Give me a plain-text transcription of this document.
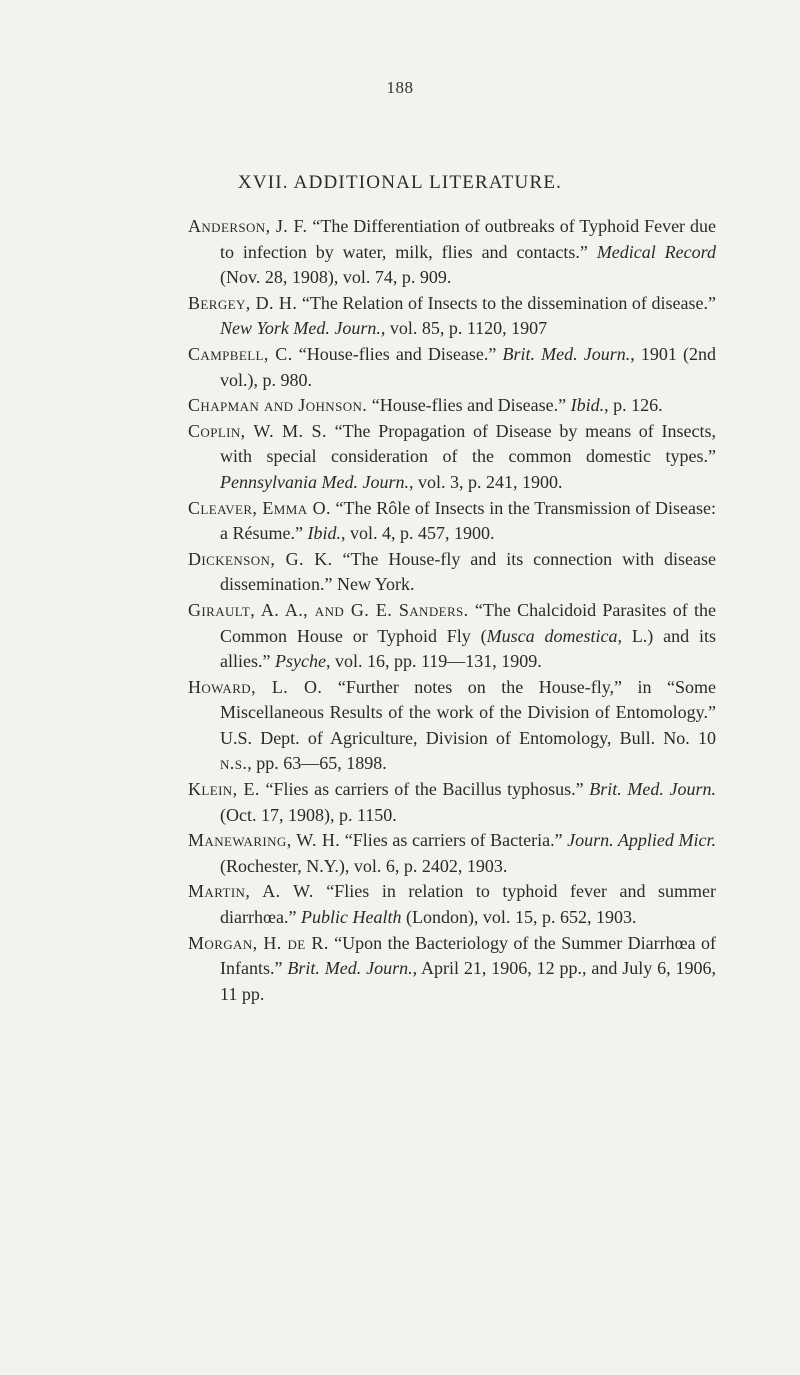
188
XVII. ADDITIONAL LITERATURE.
Anderson, J. F. “The Differentiation of outbreaks of Typhoid Fever due to infection by water, milk, flies and contacts.” Medical Record (Nov. 28, 1908), vol. 74, p. 909.
Bergey, D. H. “The Relation of Insects to the dissemination of disease.” New York Med. Journ., vol. 85, p. 1120, 1907
Campbell, C. “House-flies and Disease.” Brit. Med. Journ., 1901 (2nd vol.), p. 980.
Chapman and Johnson. “House-flies and Disease.” Ibid., p. 126.
Coplin, W. M. S. “The Propagation of Disease by means of Insects, with special consideration of the common domestic types.” Pennsylvania Med. Journ., vol. 3, p. 241, 1900.
Cleaver, Emma O. “The Rôle of Insects in the Transmission of Disease: a Résume.” Ibid., vol. 4, p. 457, 1900.
Dickenson, G. K. “The House-fly and its connection with disease dissemination.” New York.
Girault, A. A., and G. E. Sanders. “The Chalcidoid Parasites of the Common House or Typhoid Fly (Musca domestica, L.) and its allies.” Psyche, vol. 16, pp. 119—131, 1909.
Howard, L. O. “Further notes on the House-fly,” in “Some Miscellaneous Results of the work of the Division of Entomology.” U.S. Dept. of Agriculture, Division of Entomology, Bull. No. 10 n.s., pp. 63—65, 1898.
Klein, E. “Flies as carriers of the Bacillus typhosus.” Brit. Med. Journ. (Oct. 17, 1908), p. 1150.
Manewaring, W. H. “Flies as carriers of Bacteria.” Journ. Applied Micr. (Rochester, N.Y.), vol. 6, p. 2402, 1903.
Martin, A. W. “Flies in relation to typhoid fever and summer diarrhœa.” Public Health (London), vol. 15, p. 652, 1903.
Morgan, H. de R. “Upon the Bacteriology of the Summer Diarrhœa of Infants.” Brit. Med. Journ., April 21, 1906, 12 pp., and July 6, 1906, 11 pp.
